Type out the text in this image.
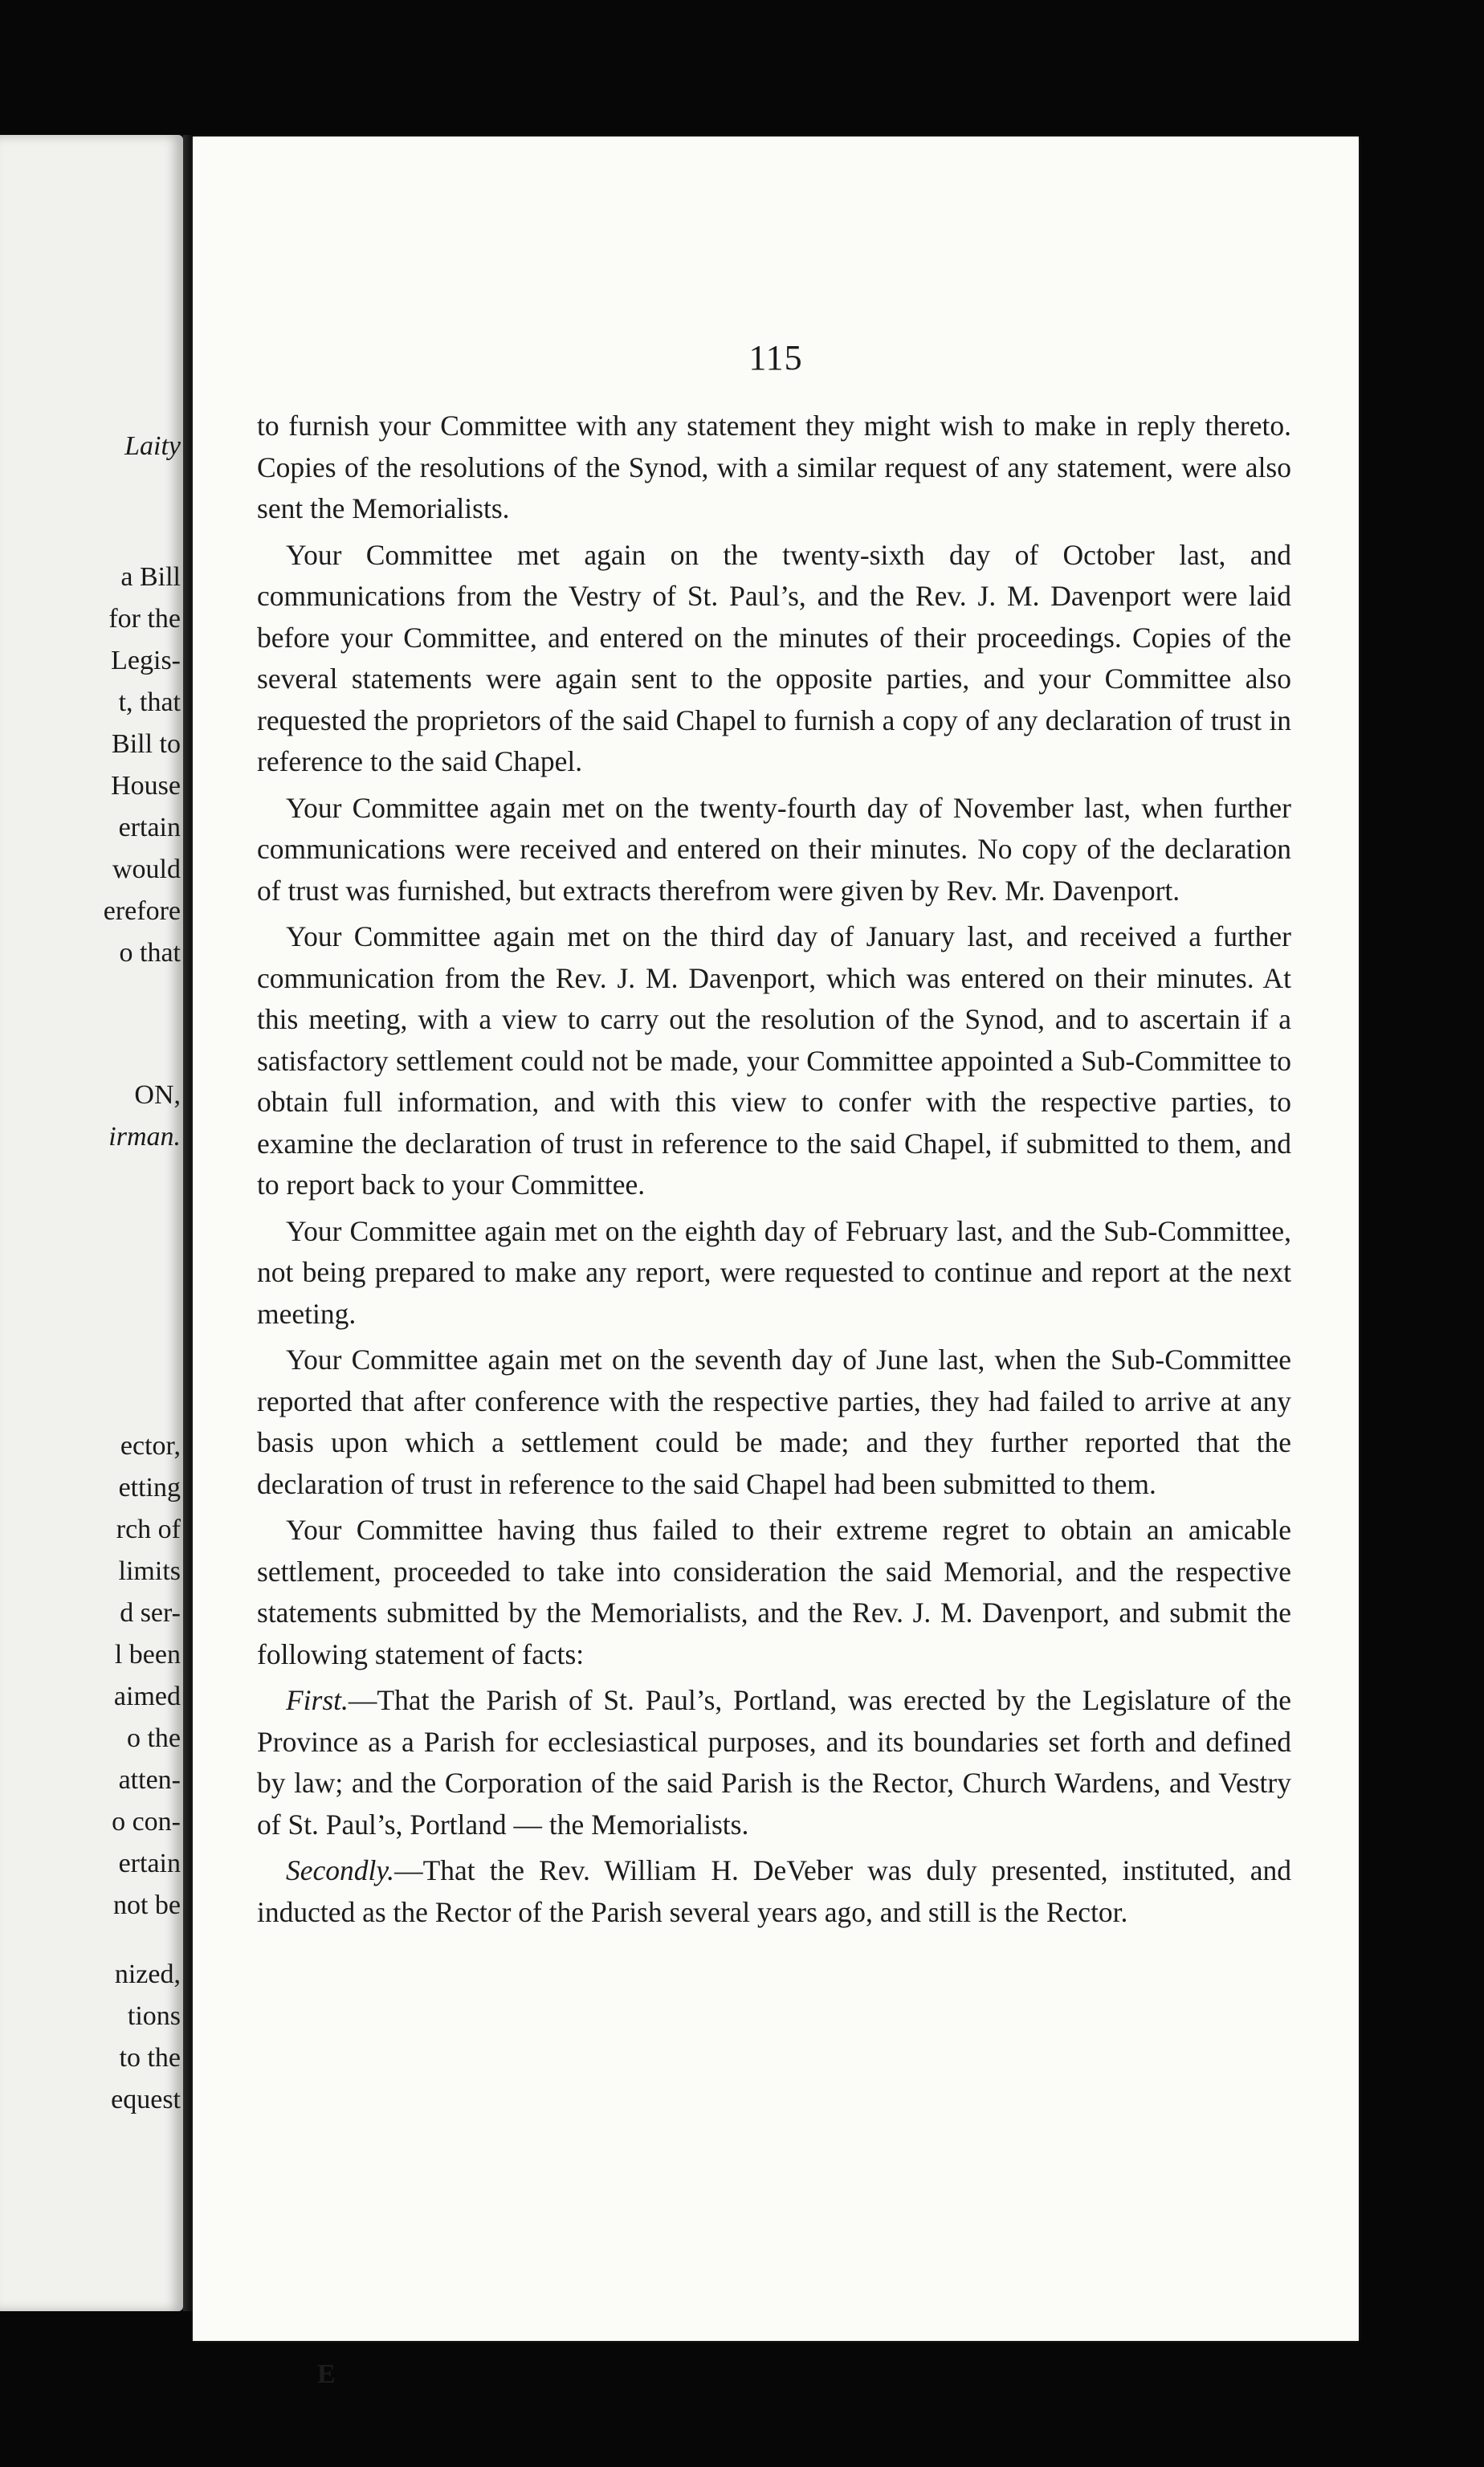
Laity
a Bill
for the
Legis-
t, that
Bill to
House
ertain
would
erefore
o that
ON,
irman.
ector,
etting
rch of
limits
d ser-
l been
aimed
o the
atten-
o con-
ertain
not be
nized,
tions
to the
equest
115

to furnish your Committee with any statement they might wish to make in reply thereto. Copies of the resolutions of the Synod, with a similar request of any statement, were also sent the Memorialists.

Your Committee met again on the twenty-sixth day of October last, and communications from the Vestry of St. Paul’s, and the Rev. J. M. Davenport were laid before your Committee, and entered on the minutes of their proceedings. Copies of the several statements were again sent to the opposite parties, and your Committee also requested the proprietors of the said Chapel to furnish a copy of any declaration of trust in reference to the said Chapel.

Your Committee again met on the twenty-fourth day of November last, when further communications were received and entered on their minutes. No copy of the declaration of trust was furnished, but extracts therefrom were given by Rev. Mr. Davenport.

Your Committee again met on the third day of January last, and received a further communication from the Rev. J. M. Davenport, which was entered on their minutes. At this meeting, with a view to carry out the resolution of the Synod, and to ascertain if a satisfactory settlement could not be made, your Committee appointed a Sub-Committee to obtain full information, and with this view to confer with the respective parties, to examine the declaration of trust in reference to the said Chapel, if submitted to them, and to report back to your Committee.

Your Committee again met on the eighth day of February last, and the Sub-Committee, not being prepared to make any report, were requested to continue and report at the next meeting.

Your Committee again met on the seventh day of June last, when the Sub-Committee reported that after conference with the respective parties, they had failed to arrive at any basis upon which a settlement could be made; and they further reported that the declaration of trust in reference to the said Chapel had been submitted to them.

Your Committee having thus failed to their extreme regret to obtain an amicable settlement, proceeded to take into consideration the said Memorial, and the respective statements submitted by the Memorialists, and the Rev. J. M. Davenport, and submit the following statement of facts:

First.—That the Parish of St. Paul’s, Portland, was erected by the Legislature of the Province as a Parish for ecclesiastical purposes, and its boundaries set forth and defined by law; and the Corporation of the said Parish is the Rector, Church Wardens, and Vestry of St. Paul’s, Portland — the Memorialists.

Secondly.—That the Rev. William H. DeVeber was duly presented, instituted, and inducted as the Rector of the Parish several years ago, and still is the Rector.

E
